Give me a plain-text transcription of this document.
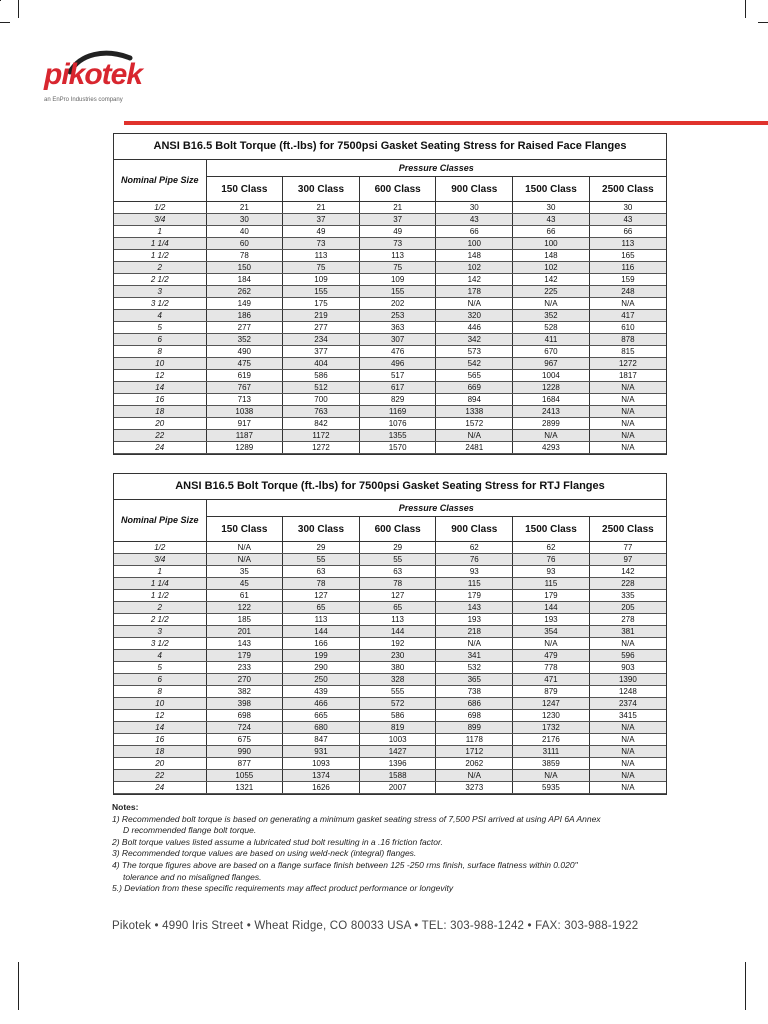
pikotek
an EnPro Industries company
ANSI B16.5 Bolt Torque (ft.-lbs) for 7500psi Gasket Seating Stress for Raised Face Flanges
Nominal Pipe Size	Pressure Classes					
	150 Class	300 Class	600 Class	900 Class	1500 Class	2500 Class
1/2	21	21	21	30	30	30
3/4	30	37	37	43	43	43
1	40	49	49	66	66	66
1 1/4	60	73	73	100	100	113
1 1/2	78	113	113	148	148	165
2	150	75	75	102	102	116
2 1/2	184	109	109	142	142	159
3	262	155	155	178	225	248
3 1/2	149	175	202	N/A	N/A	N/A
4	186	219	253	320	352	417
5	277	277	363	446	528	610
6	352	234	307	342	411	878
8	490	377	476	573	670	815
10	475	404	496	542	967	1272
12	619	586	517	565	1004	1817
14	767	512	617	669	1228	N/A
16	713	700	829	894	1684	N/A
18	1038	763	1169	1338	2413	N/A
20	917	842	1076	1572	2899	N/A
22	1187	1172	1355	N/A	N/A	N/A
24	1289	1272	1570	2481	4293	N/A
ANSI B16.5 Bolt Torque (ft.-lbs) for 7500psi Gasket Seating Stress for RTJ Flanges
Nominal Pipe Size	Pressure Classes					
	150 Class	300 Class	600 Class	900 Class	1500 Class	2500 Class
1/2	N/A	29	29	62	62	77
3/4	N/A	55	55	76	76	97
1	35	63	63	93	93	142
1 1/4	45	78	78	115	115	228
1 1/2	61	127	127	179	179	335
2	122	65	65	143	144	205
2 1/2	185	113	113	193	193	278
3	201	144	144	218	354	381
3 1/2	143	166	192	N/A	N/A	N/A
4	179	199	230	341	479	596
5	233	290	380	532	778	903
6	270	250	328	365	471	1390
8	382	439	555	738	879	1248
10	398	466	572	686	1247	2374
12	698	665	586	698	1230	3415
14	724	680	819	899	1732	N/A
16	675	847	1003	1178	2176	N/A
18	990	931	1427	1712	3111	N/A
20	877	1093	1396	2062	3859	N/A
22	1055	1374	1588	N/A	N/A	N/A
24	1321	1626	2007	3273	5935	N/A
Notes:
1) Recommended bolt torque is based on generating a minimum gasket seating stress of 7,500 PSI arrived at using API 6A Annex
D recommended flange bolt torque.
2) Bolt torque values listed assume a lubricated stud bolt resulting in a .16 friction factor.
3) Recommended torque values are based on using weld-neck (integral) flanges.
4) The torque figures above are based on a flange surface finish between 125 -250 rms finish, surface flatness within 0.020"
tolerance and no misaligned flanges.
5.) Deviation from these specific requirements may affect product performance or longevity
Pikotek • 4990 Iris Street • Wheat Ridge, CO 80033 USA • TEL: 303-988-1242 • FAX: 303-988-1922
